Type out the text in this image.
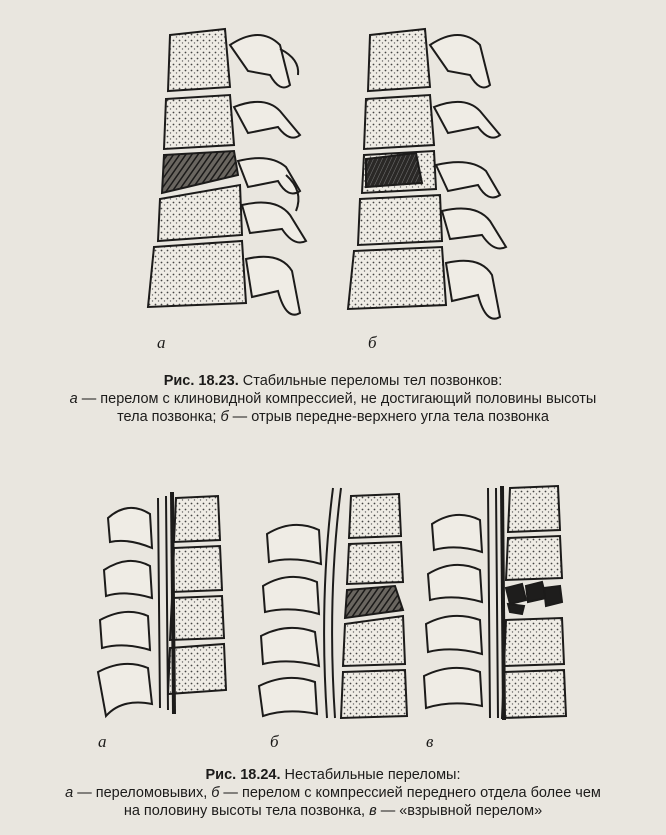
а	б
Рис. 18.23. Стабильные переломы тел позвонков:
а — перелом с клиновидной компрессией, не достигающий половины высоты
тела позвонка; б — отрыв передне-верхнего угла тела позвонка
а	б	в
Рис. 18.24. Нестабильные переломы:
а — переломовывих, б — перелом с компрессией переднего отдела более чем
на половину высоты тела позвонка, в — «взрывной перелом»
